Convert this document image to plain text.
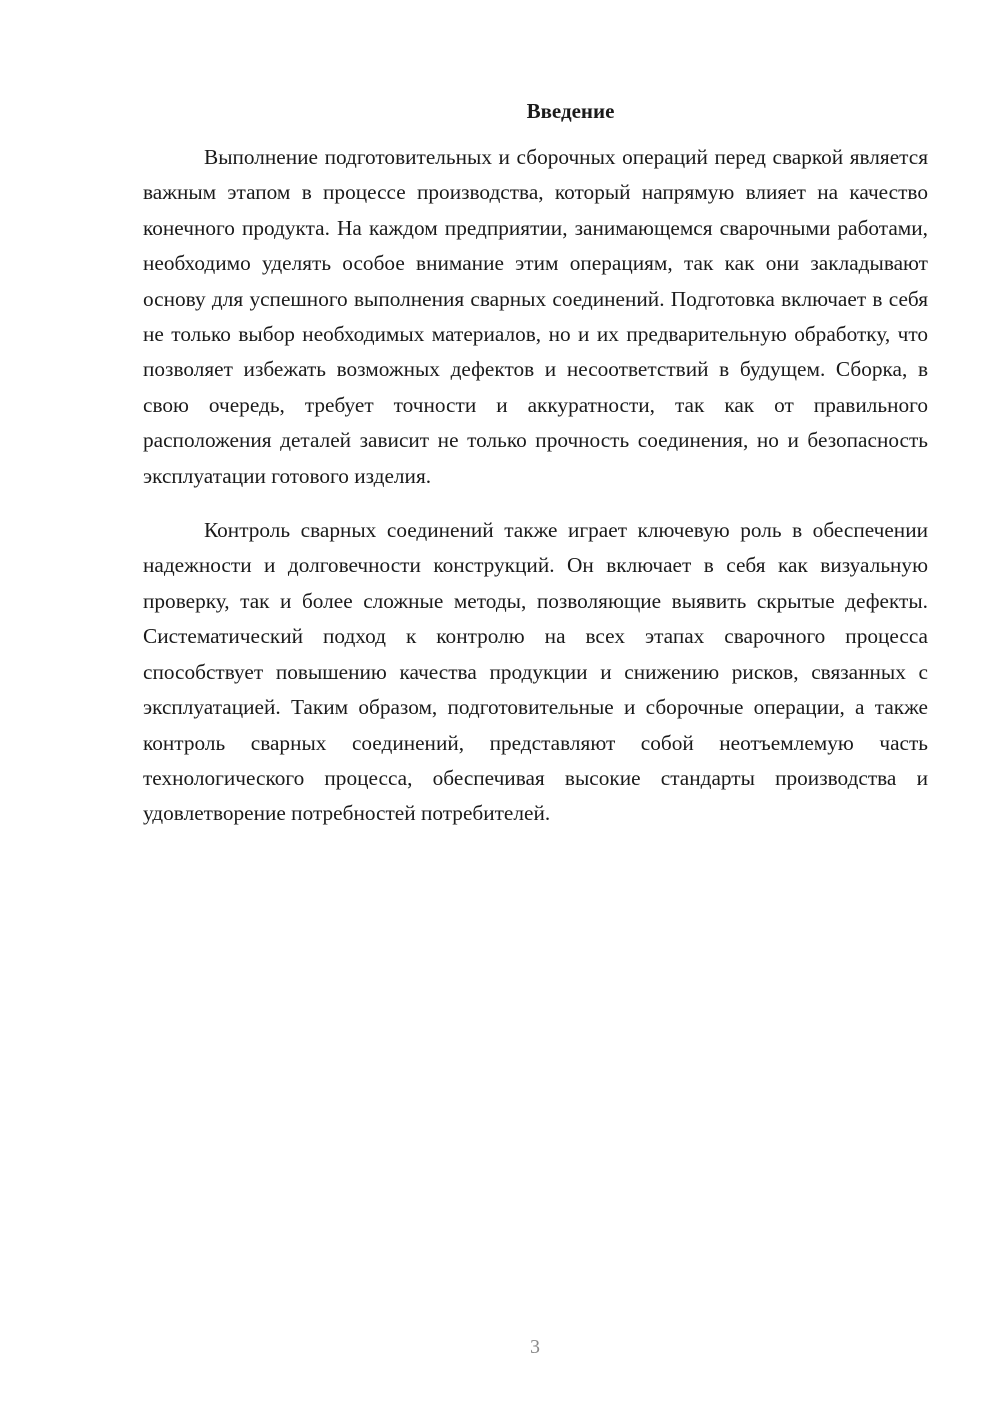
Введение

Выполнение подготовительных и сборочных операций перед сваркой является важным этапом в процессе производства, который напрямую влияет на качество конечного продукта. На каждом предприятии, занимающемся сварочными работами, необходимо уделять особое внимание этим операциям, так как они закладывают основу для успешного выполнения сварных соединений. Подготовка включает в себя не только выбор необходимых материалов, но и их предварительную обработку, что позволяет избежать возможных дефектов и несоответствий в будущем. Сборка, в свою очередь, требует точности и аккуратности, так как от правильного расположения деталей зависит не только прочность соединения, но и безопасность эксплуатации готового изделия.

Контроль сварных соединений также играет ключевую роль в обеспечении надежности и долговечности конструкций. Он включает в себя как визуальную проверку, так и более сложные методы, позволяющие выявить скрытые дефекты. Систематический подход к контролю на всех этапах сварочного процесса способствует повышению качества продукции и снижению рисков, связанных с эксплуатацией. Таким образом, подготовительные и сборочные операции, а также контроль сварных соединений, представляют собой неотъемлемую часть технологического процесса, обеспечивая высокие стандарты производства и удовлетворение потребностей потребителей.

3
